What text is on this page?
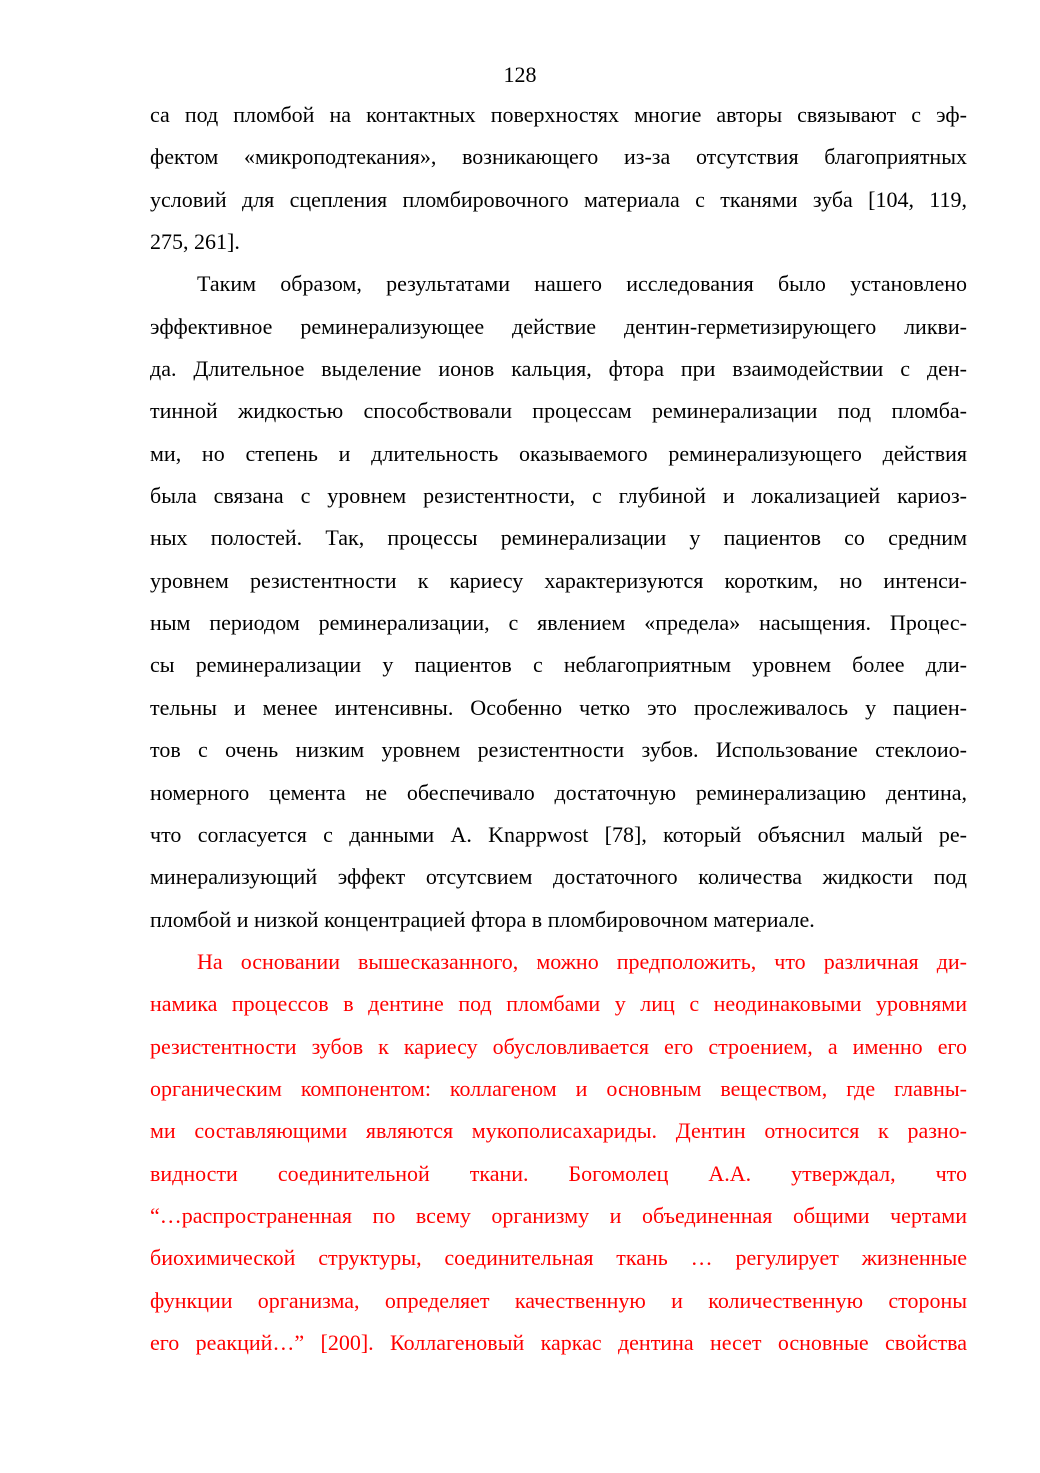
128
са под пломбой на контактных поверхностях многие авторы связывают с эф-
фектом «микроподтекания», возникающего из-за отсутствия благоприятных
условий для сцепления пломбировочного материала с тканями зуба [104, 119,
275, 261].
Таким образом, результатами нашего исследования было установлено
эффективное реминерализующее действие дентин-герметизирующего ликви-
да. Длительное выделение ионов кальция, фтора при взаимодействии с ден-
тинной жидкостью способствовали процессам реминерализации под пломба-
ми, но степень и длительность оказываемого реминерализующего действия
была связана с уровнем резистентности, с глубиной и локализацией кариоз-
ных полостей. Так, процессы реминерализации у пациентов со средним
уровнем резистентности к кариесу характеризуются коротким, но интенси-
ным периодом реминерализации, с явлением «предела» насыщения. Процес-
сы реминерализации у пациентов с неблагоприятным уровнем более дли-
тельны и менее интенсивны. Особенно четко это прослеживалось у пациен-
тов с очень низким уровнем резистентности зубов. Использование стеклоио-
номерного цемента не обеспечивало достаточную реминерализацию дентина,
что согласуется с данными A. Knappwost [78], который объяснил малый ре-
минерализующий эффект отсутсвием достаточного количества жидкости под
пломбой и низкой концентрацией фтора в пломбировочном материале.
На основании вышесказанного, можно предположить, что различная ди-
намика процессов в дентине под пломбами у лиц с неодинаковыми уровнями
резистентности зубов к кариесу обусловливается его строением, а именно его
органическим компонентом: коллагеном и основным веществом, где главны-
ми составляющими являются мукополисахариды. Дентин относится к разно-
видности соединительной ткани. Богомолец А.А. утверждал, что
“…распространенная по всему организму и объединенная общими чертами
биохимической структуры, соединительная ткань … регулирует жизненные
функции организма, определяет качественную и количественную стороны
его реакций…” [200]. Коллагеновый каркас дентина несет основные свойства
